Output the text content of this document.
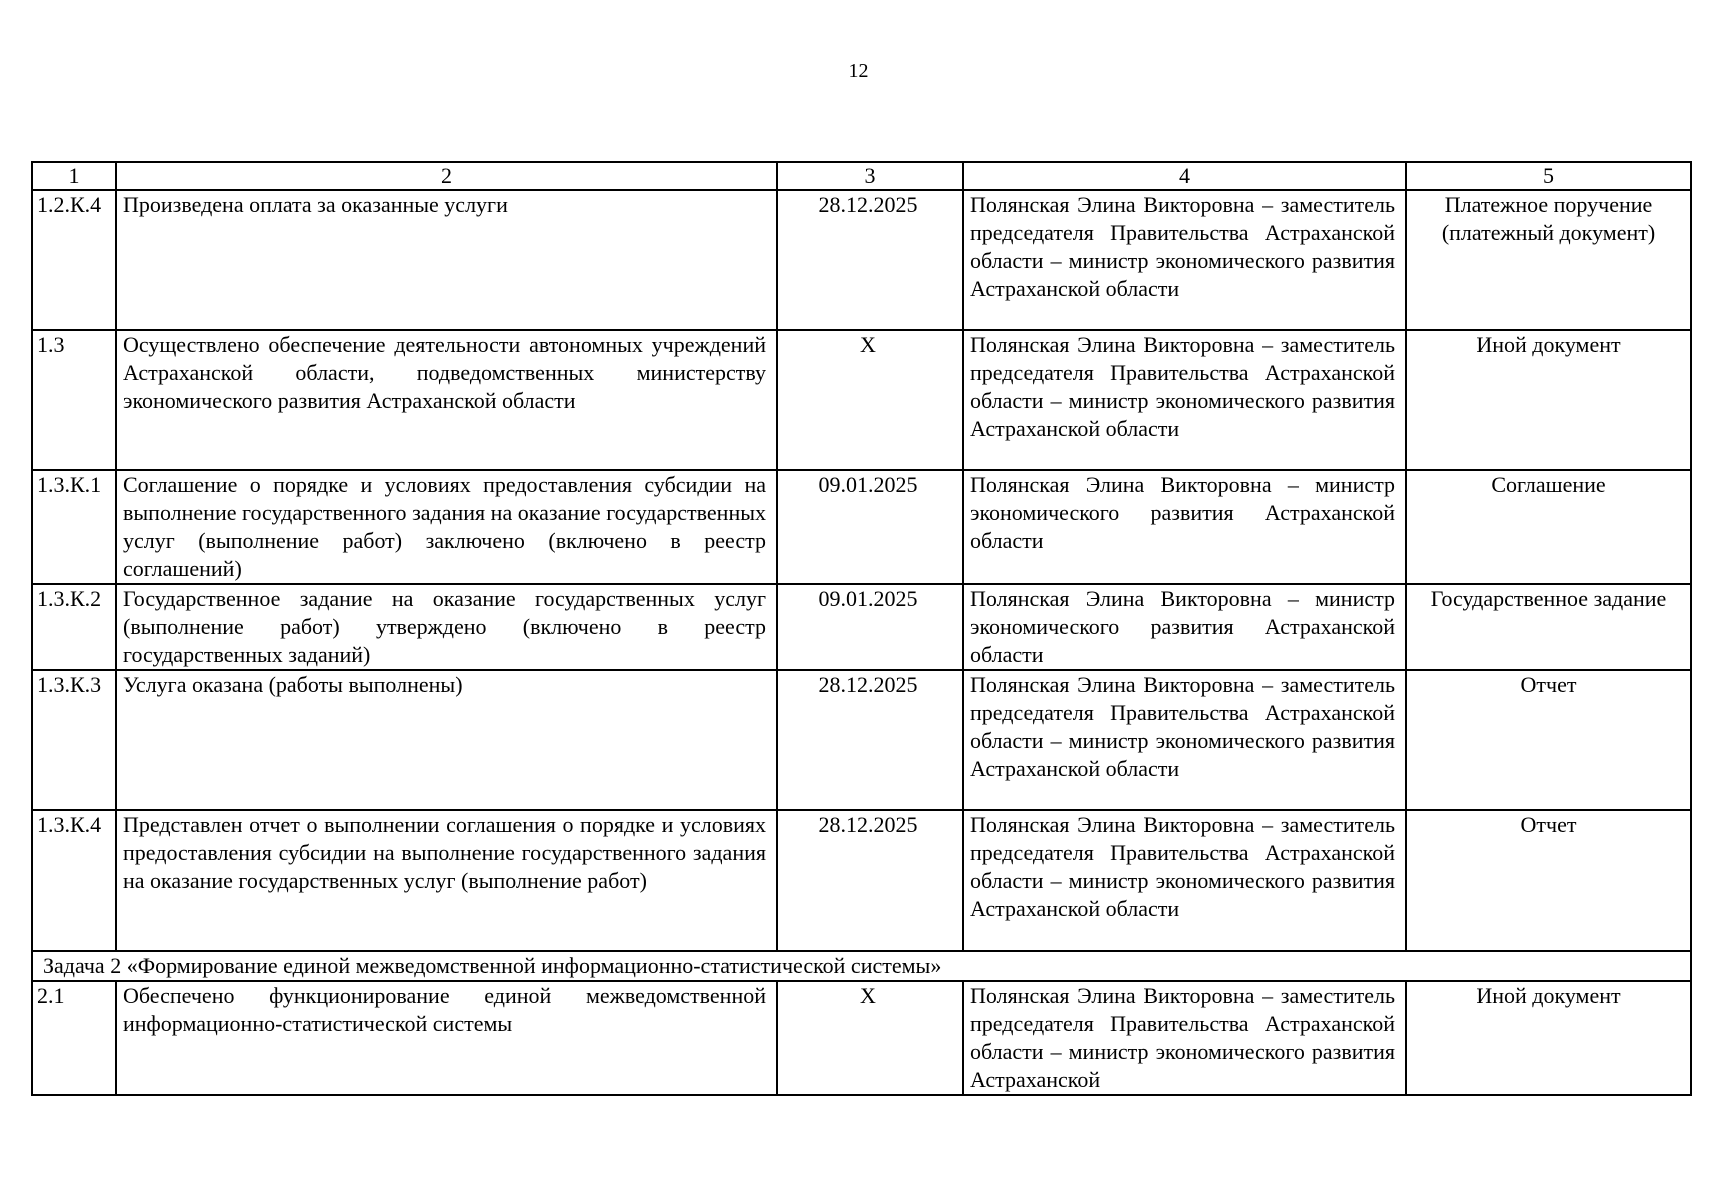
12
1	2	3	4	5
1.2.К.4	Произведена оплата за оказанные услуги	28.12.2025	Полянская Элина Викторовна – заместитель председателя Правительства Астраханской области – министр экономического развития Астраханской области	Платежное поручение (платежный документ)
1.3	Осуществлено обеспечение деятельности автономных учреждений Астраханской области, подведомственных министерству экономического развития Астраханской области	Х	Полянская Элина Викторовна – заместитель председателя Правительства Астраханской области – министр экономического развития Астраханской области	Иной документ
1.3.К.1	Соглашение о порядке и условиях предоставления субсидии на выполнение государственного задания на оказание государственных услуг (выполнение работ) заключено (включено в реестр соглашений)	09.01.2025	Полянская Элина Викторовна – министр экономического развития Астраханской области	Соглашение
1.3.К.2	Государственное задание на оказание государственных услуг (выполнение работ) утверждено (включено в реестр государственных заданий)	09.01.2025	Полянская Элина Викторовна – министр экономического развития Астраханской области	Государственное задание
1.3.К.3	Услуга оказана (работы выполнены)	28.12.2025	Полянская Элина Викторовна – заместитель председателя Правительства Астраханской области – министр экономического развития Астраханской области	Отчет
1.3.К.4	Представлен отчет о выполнении соглашения о порядке и условиях предоставления субсидии на выполнение государственного задания на оказание государственных услуг (выполнение работ)	28.12.2025	Полянская Элина Викторовна – заместитель председателя Правительства Астраханской области – министр экономического развития Астраханской области	Отчет
Задача 2 «Формирование единой межведомственной информационно-статистической системы»				
2.1	Обеспечено функционирование единой межведомственной информационно-статистической системы	Х	Полянская Элина Викторовна – заместитель председателя Правительства Астраханской области – министр экономического развития Астраханской	Иной документ
